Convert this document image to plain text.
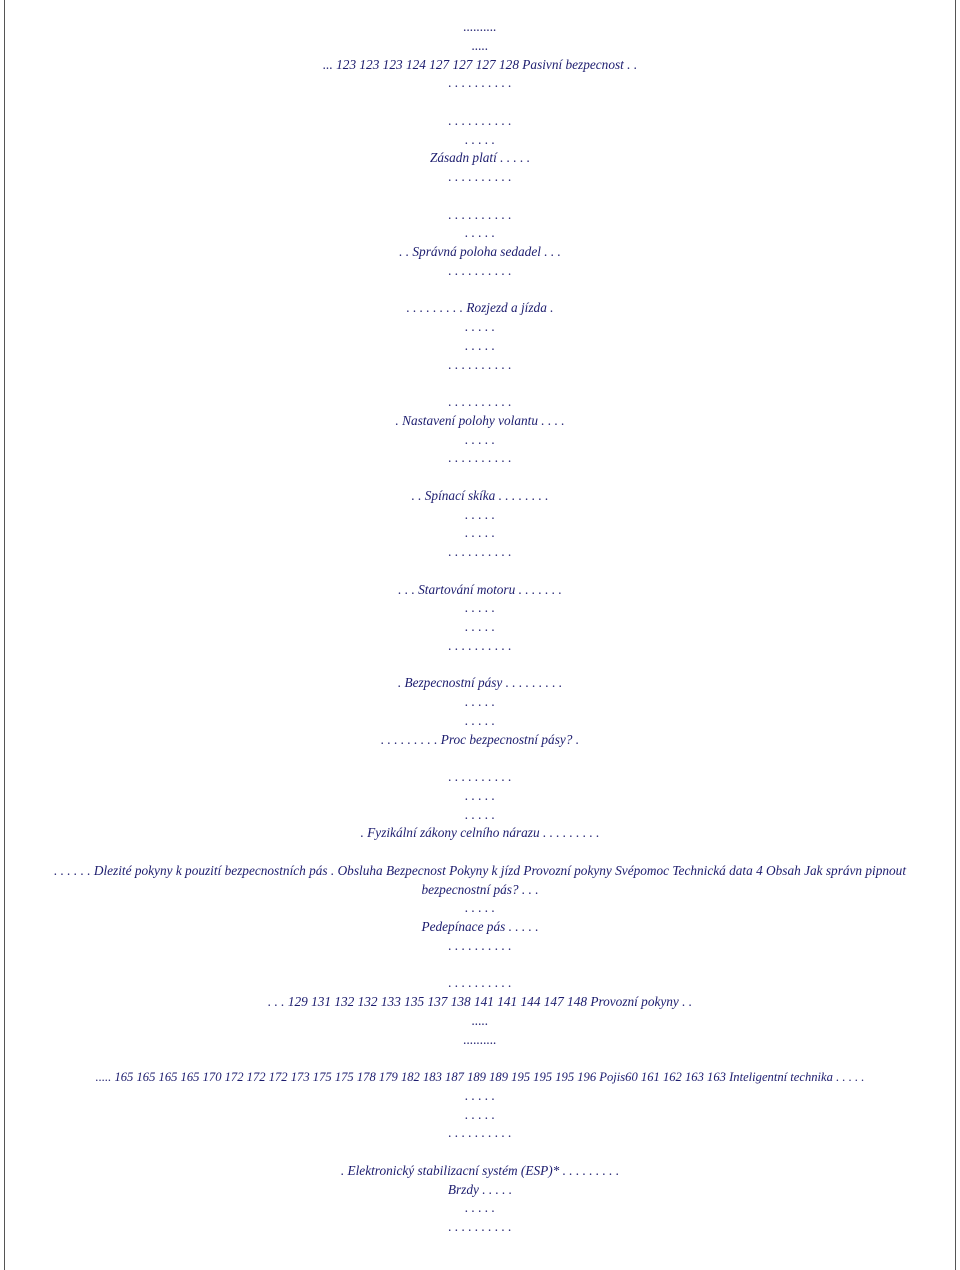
..........
.....
... 123 123 123 124 127 127 127 128 Pasivní bezpecnost . .
. . . . . . . . . .
. . . . . . . . . .
. . . . .
Zásadn platí . . . . .
. . . . . . . . . .
. . . . . . . . . .
. . . . .
. . Správná poloha sedadel . . .
. . . . . . . . . .
. . . . . . . . . Rozjezd a jízda .
. . . . .
. . . . .
. . . . . . . . . .
. . . . . . . . . .
. Nastavení polohy volantu . . . .
. . . . .
. . . . . . . . . .
. . Spínací skíka . . . . . . . .
. . . . .
. . . . .
. . . . . . . . . .
. . . Startování motoru . . . . . . .
. . . . .
. . . . .
. . . . . . . . . .
. Bezpecnostní pásy . . . . . . . . .
. . . . .
. . . . .
. . . . . . . . . Proc bezpecnostní pásy? .
. . . . . . . . . .
. . . . .
. . . . .
. Fyzikální zákony celního nárazu . . . . . . . . .
. . . . . . Dlezité pokyny k pouzití bezpecnostních pás . Obsluha Bezpecnost Pokyny k jízd Provozní pokyny Svépomoc Technická data 4 Obsah Jak správn pipnout bezpecnostní pás? . . .
. . . . .
Pedepínace pás . . . . .
. . . . . . . . . .
. . . . . . . . . .
. . . 129 131 132 132 133 135 137 138 141 141 144 147 148 Provozní pokyny . .
.....
..........
..... 165 165 165 165 170 172 172 172 173 175 175 178 179 182 183 187 189 189 195 195 195 196 Pojis60 161 162 163 163 Inteligentní technika . . . . .
. . . . .
. . . . .
. . . . . . . . . .
. Elektronický stabilizacní systém (ESP)* . . . . . . . . .
Brzdy . . . . .
. . . . .
. . . . . . . . . .
